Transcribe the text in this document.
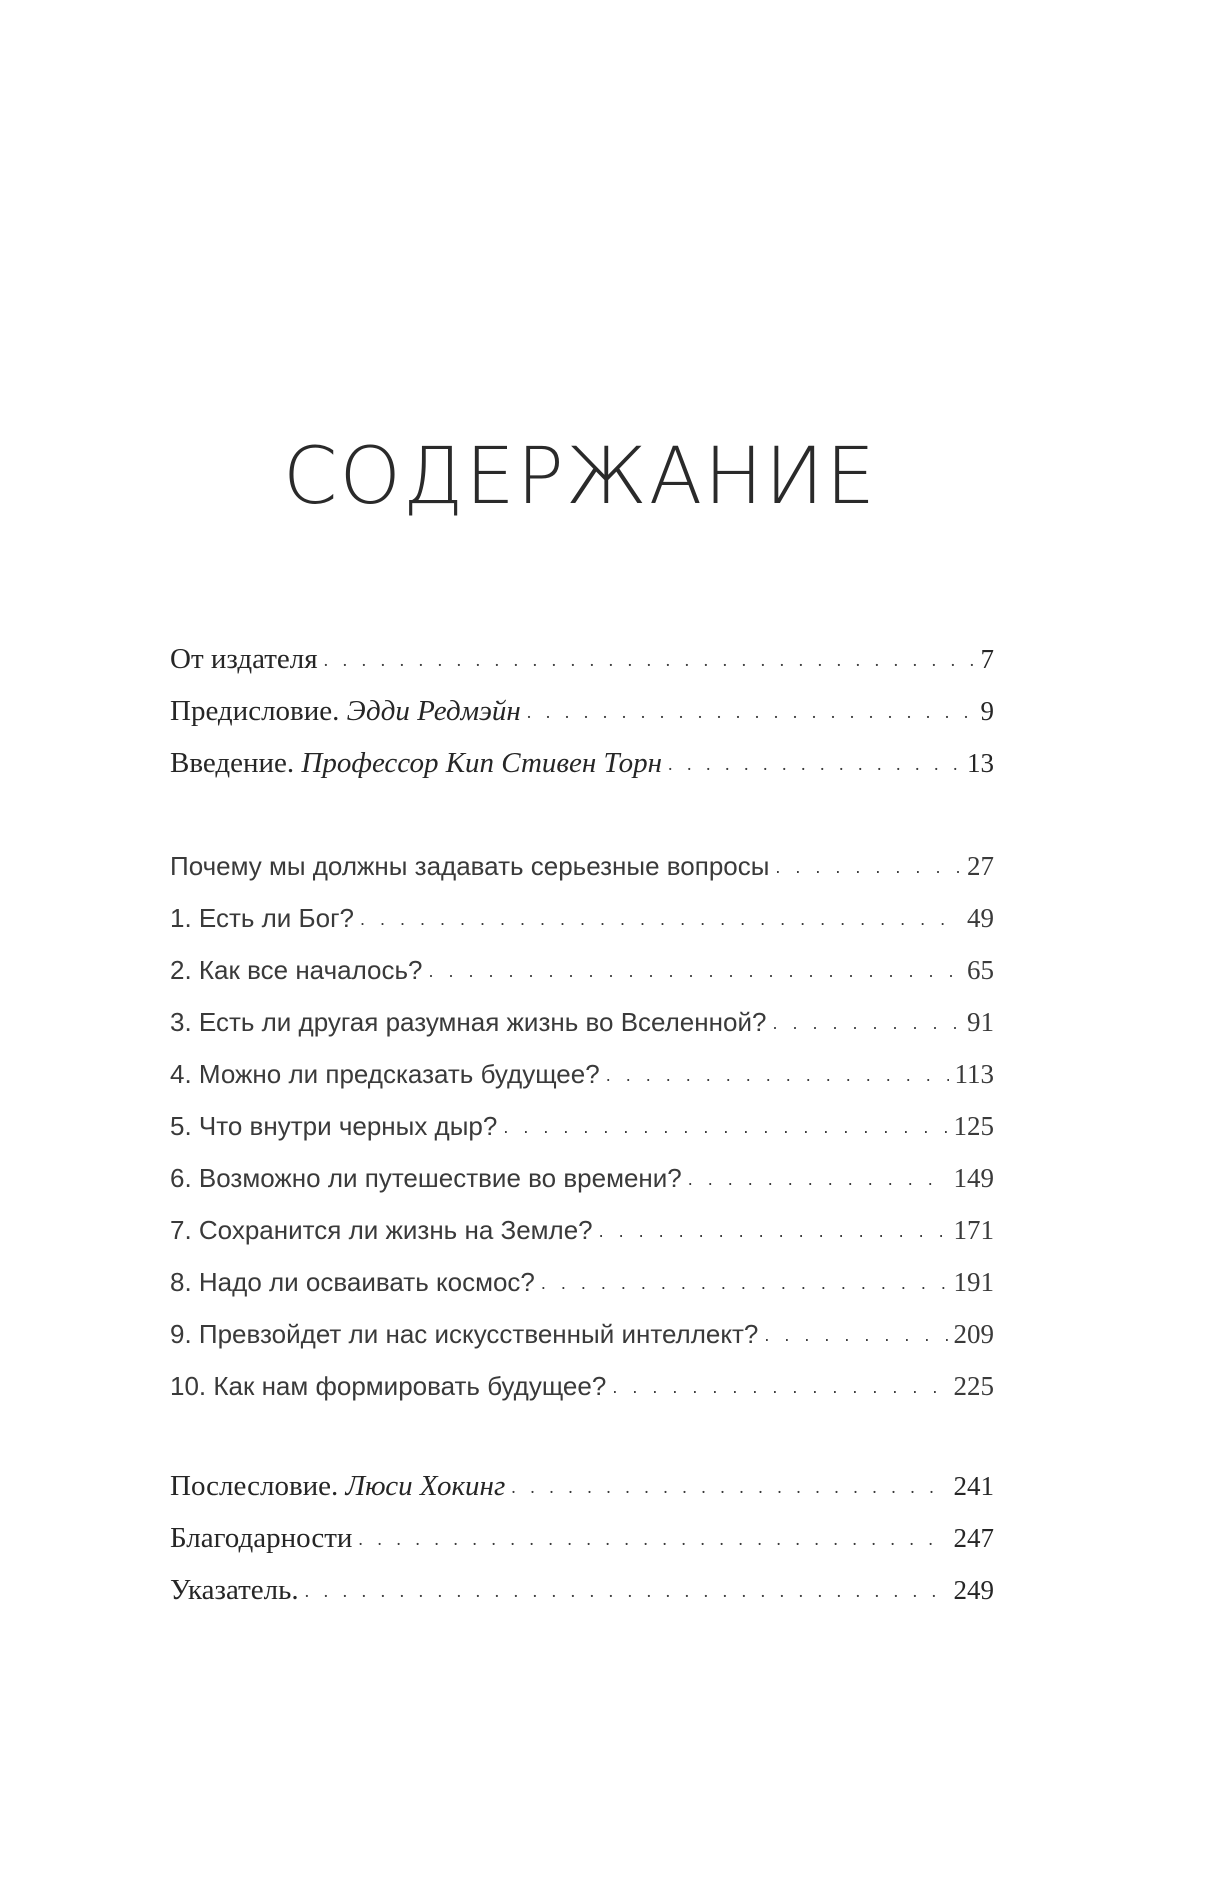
СОДЕРЖАНИЕ
От издателя . . .	7
Предисловие. Эдди Редмэйн . . .	9
Введение. Профессор Кип Стивен Торн . . .	13
Почему мы должны задавать серьезные вопросы . . .	27
1. Есть ли Бог? . . .	49
2. Как все началось? . . .	65
3. Есть ли другая разумная жизнь во Вселенной? . . .	91
4. Можно ли предсказать будущее? . . .	113
5. Что внутри черных дыр? . . .	125
6. Возможно ли путешествие во времени? . . .	149
7. Сохранится ли жизнь на Земле? . . .	171
8. Надо ли осваивать космос? . . .	191
9. Превзойдет ли нас искусственный интеллект? . . .	209
10. Как нам формировать будущее? . . .	225
Послесловие. Люси Хокинг . . .	241
Благодарности . . .	247
Указатель. . . .	249
